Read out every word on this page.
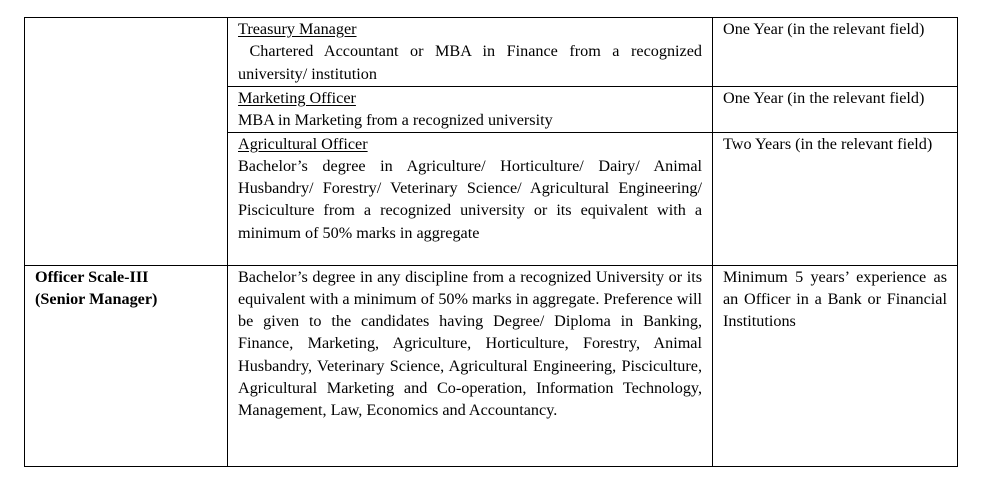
	Treasury Manager
Chartered Accountant or MBA in Finance from a recognized university/ institution	One Year (in the relevant field)

	Marketing Officer
MBA in Marketing from a recognized university	One Year (in the relevant field)

	Agricultural Officer
Bachelor’s degree in Agriculture/ Horticulture/ Dairy/ Animal Husbandry/ Forestry/ Veterinary Science/ Agricultural Engineering/ Pisciculture from a recognized university or its equivalent with a minimum of 50% marks in aggregate	Two Years (in the relevant field)

Officer Scale-III
(Senior Manager)	Bachelor’s degree in any discipline from a recognized University or its equivalent with a minimum of 50% marks in aggregate. Preference will be given to the candidates having Degree/ Diploma in Banking, Finance, Marketing, Agriculture, Horticulture, Forestry, Animal Husbandry, Veterinary Science, Agricultural Engineering, Pisciculture, Agricultural Marketing and Co-operation, Information Technology, Management, Law, Economics and Accountancy.	Minimum 5 years’ experience as an Officer in a Bank or Financial Institutions
